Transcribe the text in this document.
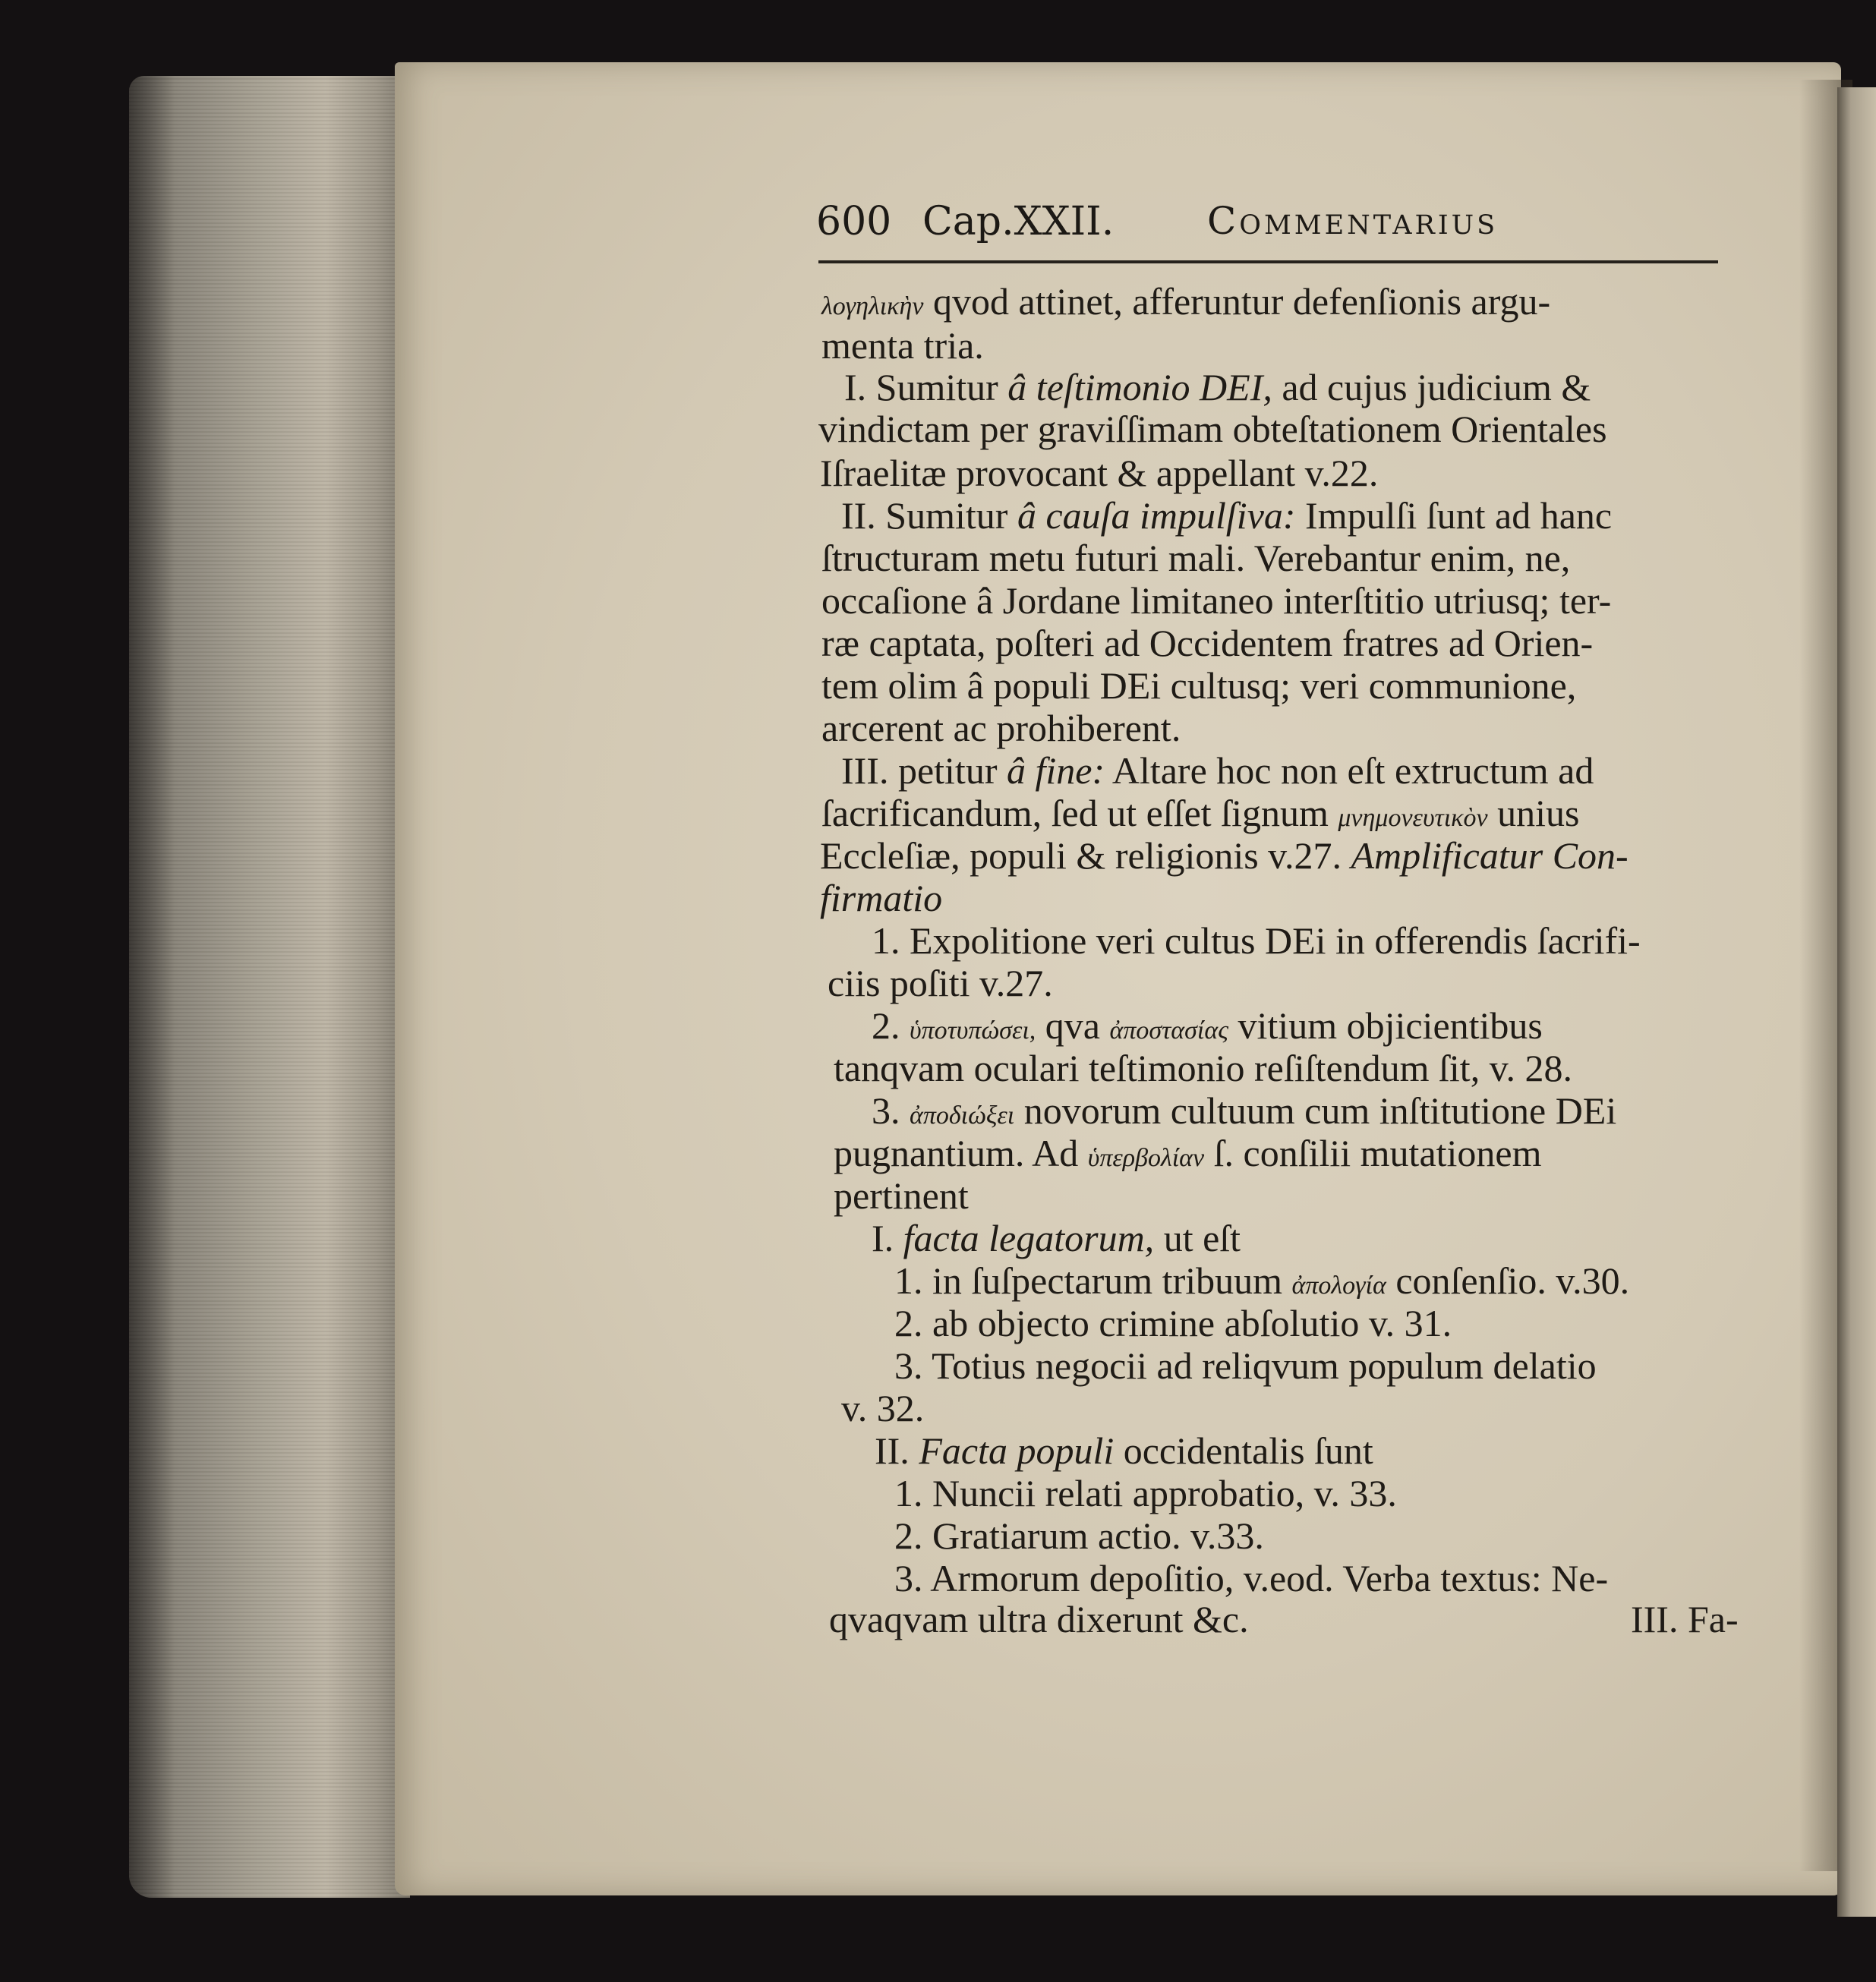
600 Cap.XXII. Commentarius
λογηλικὴν qvod attinet, afferuntur defenſionis argu-
menta tria.
I. Sumitur â teſtimonio DEI, ad cujus judicium &
vindictam per graviſſimam obteſtationem Orientales
Iſraelitæ provocant & appellant v.22.
II. Sumitur â cauſa impulſiva: Impulſi ſunt ad hanc
ſtructuram metu futuri mali. Verebantur enim, ne,
occaſione â Jordane limitaneo interſtitio utriusq; ter-
ræ captata, poſteri ad Occidentem fratres ad Orien-
tem olim â populi DEi cultusq; veri communione,
arcerent ac prohiberent.
III. petitur â fine: Altare hoc non eſt extructum ad
ſacrificandum, ſed ut eſſet ſignum μνημονευτικὸν unius
Eccleſiæ, populi & religionis v.27. Amplificatur Con-
firmatio
1. Expolitione veri cultus DEi in offerendis ſacrifi-
ciis poſiti v.27.
2. ὑποτυπώσει, qva ἀποστασίας vitium objicientibus
tanqvam oculari teſtimonio reſiſtendum ſit, v. 28.
3. ἀποδιώξει novorum cultuum cum inſtitutione DEi
pugnantium. Ad ὑπερβολίαν ſ. conſilii mutationem
pertinent
I. facta legatorum, ut eſt
1. in ſuſpectarum tribuum ἀπολογία conſenſio. v.30.
2. ab objecto crimine abſolutio v. 31.
3. Totius negocii ad reliqvum populum delatio
v. 32.
II. Facta populi occidentalis ſunt
1. Nuncii relati approbatio, v. 33.
2. Gratiarum actio. v.33.
3. Armorum depoſitio, v.eod. Verba textus: Ne-
qvaqvam ultra dixerunt &c.	III. Fa-
